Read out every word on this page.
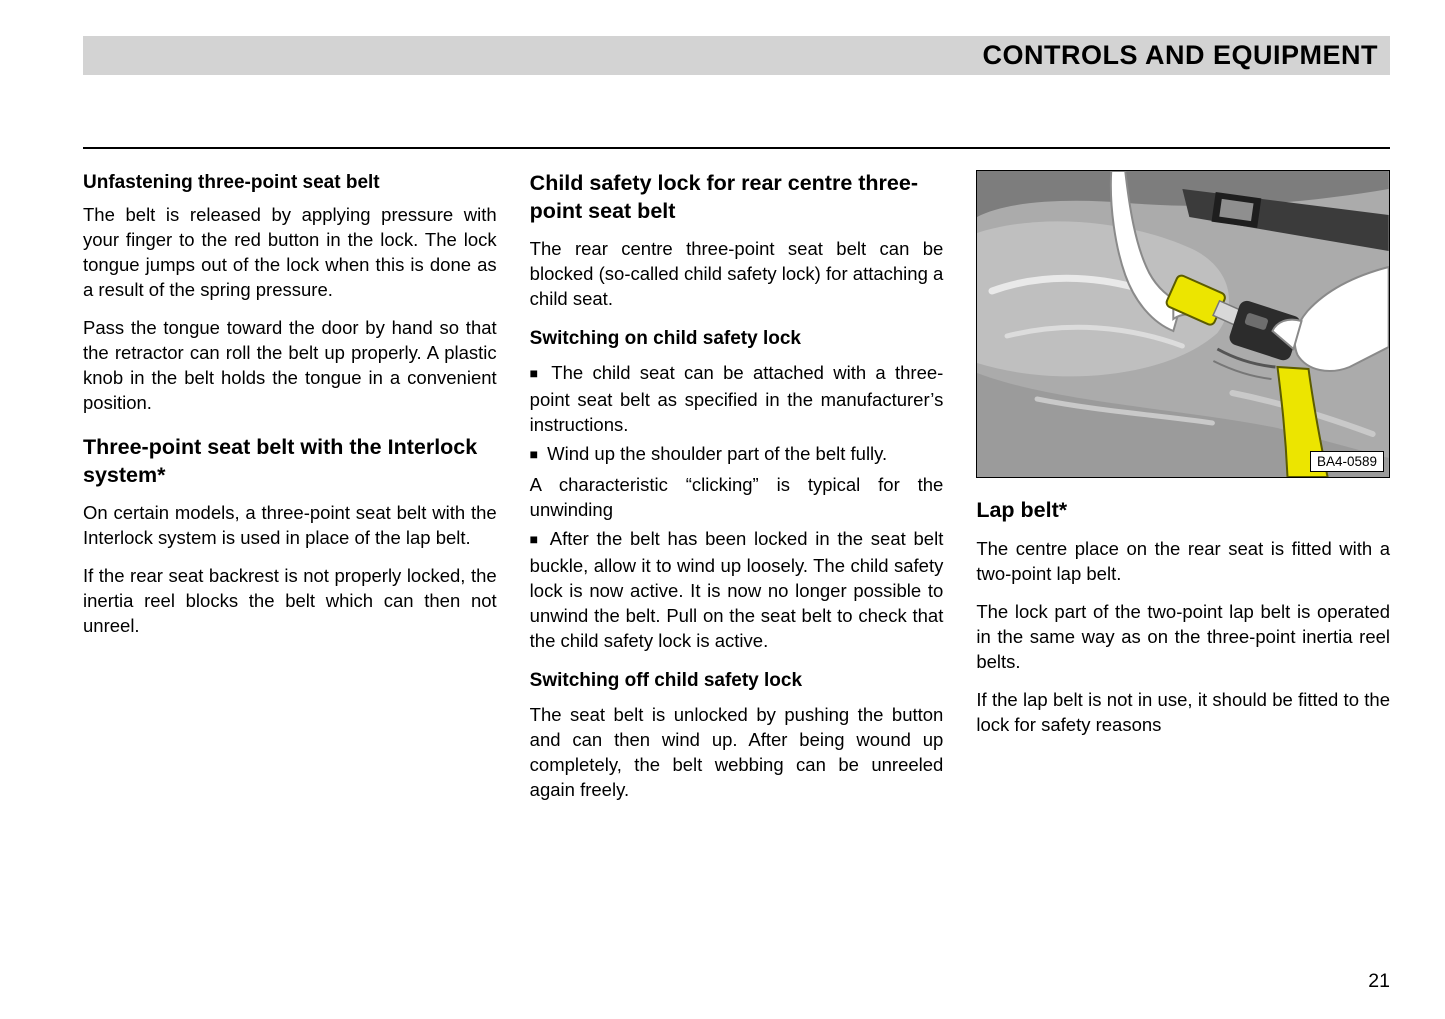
CONTROLS AND EQUIPMENT
Unfastening three-point seat belt

The belt is released by applying pressure with your finger to the red button in the lock. The lock tongue jumps out of the lock when this is done as a result of the spring pressure.

Pass the tongue toward the door by hand so that the retractor can roll the belt up properly. A plastic knob in the belt holds the tongue in a convenient position.

Three-point seat belt with the Interlock system*

On certain models, a three-point seat belt with the Interlock system is used in place of the lap belt.

If the rear seat backrest is not properly locked, the inertia reel blocks the belt which can then not unreel.

Child safety lock for rear centre three-point seat belt

The rear centre three-point seat belt can be blocked (so-called child safety lock) for attaching a child seat.

Switching on child safety lock

■ The child seat can be attached with a three-point seat belt as specified in the manufacturer’s instructions.

■ Wind up the shoulder part of the belt fully.

A characteristic “clicking” is typical for the unwinding

■ After the belt has been locked in the seat belt buckle, allow it to wind up loosely. The child safety lock is now active. It is now no longer possible to unwind the belt. Pull on the seat belt to check that the child safety lock is active.

Switching off child safety lock

The seat belt is unlocked by pushing the button and can then wind up. After being wound up completely, the belt webbing can be unreeled again freely.

BA4-0589
Lap belt*

The centre place on the rear seat is fitted with a two-point lap belt.

The lock part of the two-point lap belt is operated in the same way as on the three-point inertia reel belts.

If the lap belt is not in use, it should be fitted to the lock for safety reasons

21
